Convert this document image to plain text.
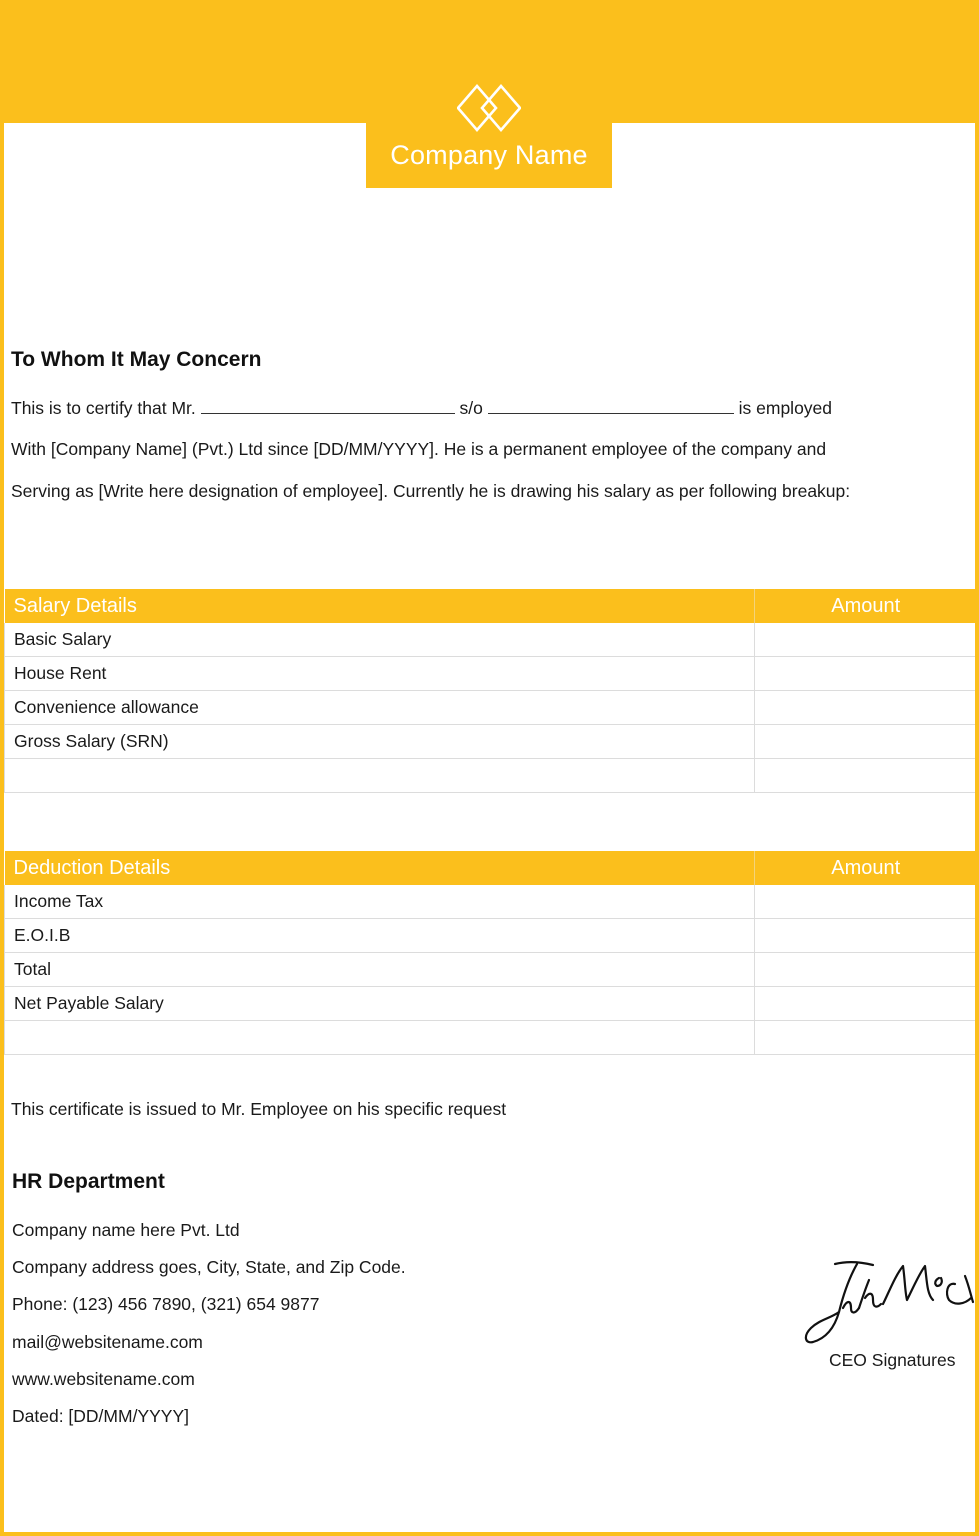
Company Name
To Whom It May Concern

This is to certify that Mr.	s/o	is employed

With [Company Name] (Pvt.) Ltd since [DD/MM/YYYY]. He is a permanent employee of the company and

Serving as [Write here designation of employee]. Currently he is drawing his salary as per following breakup:

Salary Details	Amount
Basic Salary	
House Rent	
Convenience allowance	
Gross Salary (SRN)	

Deduction Details	Amount
Income Tax	
E.O.I.B	
Total	
Net Payable Salary	

This certificate is issued to Mr. Employee on his specific request

HR Department

Company name here Pvt. Ltd

Company address goes, City, State, and Zip Code.

Phone: (123) 456 7890, (321) 654 9877

mail@websitename.com

www.websitename.com

Dated: [DD/MM/YYYY]

CEO Signatures
